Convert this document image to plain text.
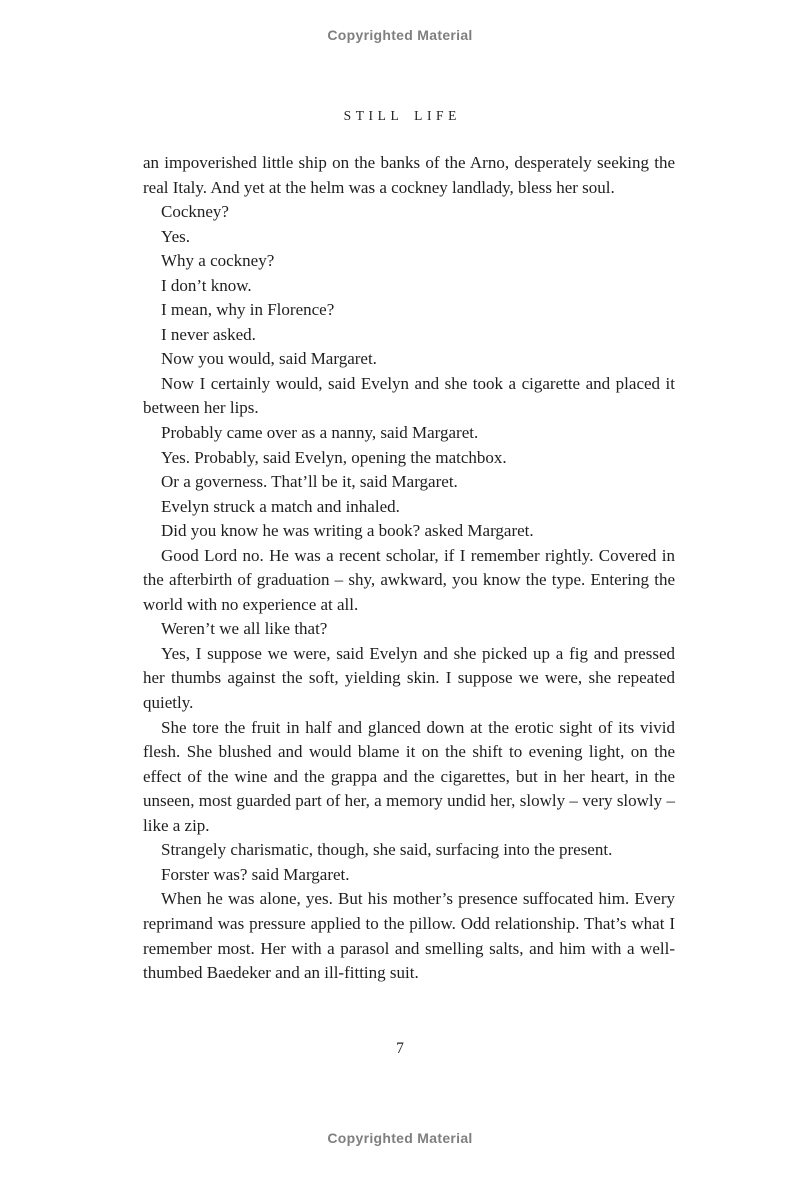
Copyrighted Material
STILL LIFE

an impoverished little ship on the banks of the Arno, desperately seeking the real Italy. And yet at the helm was a cockney landlady, bless her soul.

Cockney?

Yes.

Why a cockney?

I don’t know.

I mean, why in Florence?

I never asked.

Now you would, said Margaret.

Now I certainly would, said Evelyn and she took a cigarette and placed it between her lips.

Probably came over as a nanny, said Margaret.

Yes. Probably, said Evelyn, opening the matchbox.

Or a governess. That’ll be it, said Margaret.

Evelyn struck a match and inhaled.

Did you know he was writing a book? asked Margaret.

Good Lord no. He was a recent scholar, if I remember rightly. Covered in the afterbirth of graduation – shy, awkward, you know the type. Entering the world with no experience at all.

Weren’t we all like that?

Yes, I suppose we were, said Evelyn and she picked up a fig and pressed her thumbs against the soft, yielding skin. I suppose we were, she repeated quietly.

She tore the fruit in half and glanced down at the erotic sight of its vivid flesh. She blushed and would blame it on the shift to evening light, on the effect of the wine and the grappa and the cigarettes, but in her heart, in the unseen, most guarded part of her, a memory undid her, slowly – very slowly – like a zip.

Strangely charismatic, though, she said, surfacing into the present.

Forster was? said Margaret.

When he was alone, yes. But his mother’s presence suffocated him. Every reprimand was pressure applied to the pillow. Odd relationship. That’s what I remember most. Her with a parasol and smelling salts, and him with a well-thumbed Baedeker and an ill-fitting suit.

7
Copyrighted Material
